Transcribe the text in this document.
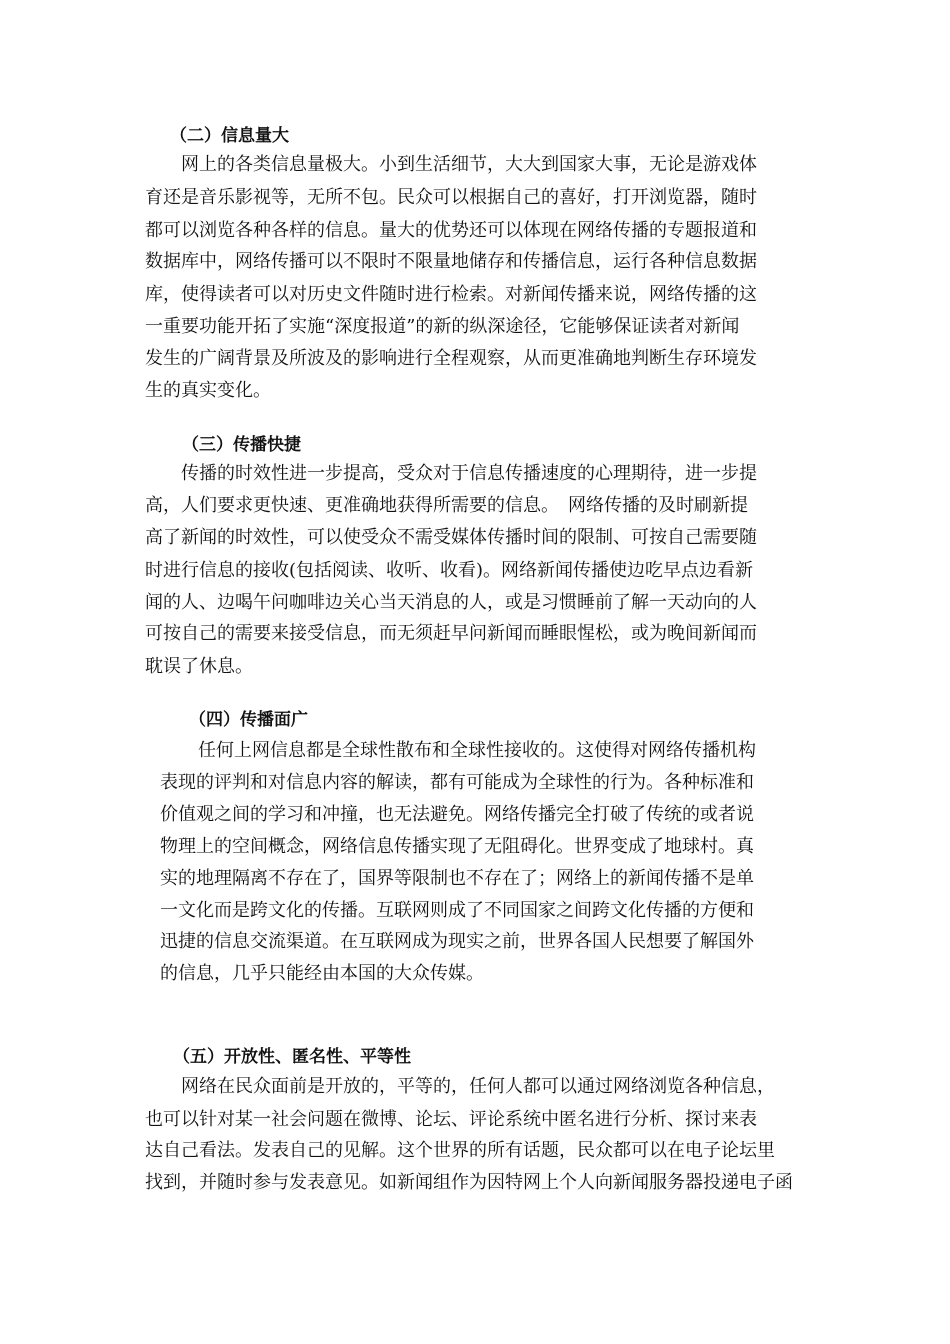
（二）信息量大
网上的各类信息量极大。小到生活细节，大大到国家大事，无论是游戏体
育还是音乐影视等，无所不包。民众可以根据自己的喜好，打开浏览器，随时
都可以浏览各种各样的信息。量大的优势还可以体现在网络传播的专题报道和
数据库中，网络传播可以不限时不限量地储存和传播信息，运行各种信息数据
库，使得读者可以对历史文件随时进行检索。对新闻传播来说，网络传播的这
一重要功能开拓了实施“深度报道”的新的纵深途径，它能够保证读者对新闻
发生的广阔背景及所波及的影响进行全程观察，从而更准确地判断生存环境发
生的真实变化。
（三）传播快捷
传播的时效性进一步提高，受众对于信息传播速度的心理期待，进一步提
高，人们要求更快速、更准确地获得所需要的信息。　网络传播的及时刷新提
高了新闻的时效性，可以使受众不需受媒体传播时间的限制、可按自己需要随
时进行信息的接收(包括阅读、收听、收看)。网络新闻传播使边吃早点边看新
闻的人、边喝午问咖啡边关心当天消息的人，或是习惯睡前了解一天动向的人
可按自己的需要来接受信息，而无须赶早问新闻而睡眼惺松，或为晚间新闻而
耽误了休息。
（四）传播面广
任何上网信息都是全球性散布和全球性接收的。这使得对网络传播机构
表现的评判和对信息内容的解读，都有可能成为全球性的行为。各种标准和
价值观之间的学习和冲撞，也无法避免。网络传播完全打破了传统的或者说
物理上的空间概念，网络信息传播实现了无阻碍化。世界变成了地球村。真
实的地理隔离不存在了，国界等限制也不存在了；网络上的新闻传播不是单
一文化而是跨文化的传播。互联网则成了不同国家之间跨文化传播的方便和
迅捷的信息交流渠道。在互联网成为现实之前，世界各国人民想要了解国外
的信息，几乎只能经由本国的大众传媒。
（五）开放性、匿名性、平等性
网络在民众面前是开放的，平等的，任何人都可以通过网络浏览各种信息，
也可以针对某一社会问题在微博、论坛、评论系统中匿名进行分析、探讨来表
达自己看法。发表自己的见解。这个世界的所有话题，民众都可以在电子论坛里
找到，并随时参与发表意见。如新闻组作为因特网上个人向新闻服务器投递电子函
